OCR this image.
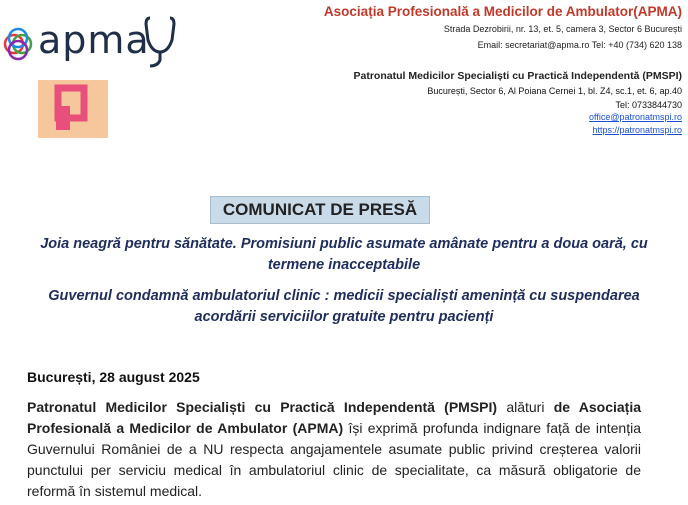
apma
Asociația Profesională a Medicilor de Ambulator(APMA)
Strada Dezrobirii, nr. 13, et. 5, camera 3, Sector 6 București
Email: secretariat@apma.ro Tel: +40 (734) 620 138
Patronatul Medicilor Specialiști cu Practică Independentă (PMSPI)
București, Sector 6, Al Poiana Cernei 1, bl. Z4, sc.1, et. 6, ap.40
Tel: 0733844730
office@patronatmspi.ro
https://patronatmspi.ro
COMUNICAT DE PRESĂ
Joia neagră pentru sănătate. Promisiuni public asumate amânate pentru a doua oară, cu termene inacceptabile
Guvernul condamnă ambulatoriul clinic : medicii specialiști amenință cu suspendarea acordării serviciilor gratuite pentru pacienți
București, 28 august 2025
Patronatul Medicilor Specialiști cu Practică Independentă (PMSPI) alături de Asociația Profesională a Medicilor de Ambulator (APMA) își exprimă profunda indignare față de intenția Guvernului României de a NU respecta angajamentele asumate public privind creșterea valorii punctului per serviciu medical în ambulatoriul clinic de specialitate, ca măsură obligatorie de reformă în sistemul medical.
